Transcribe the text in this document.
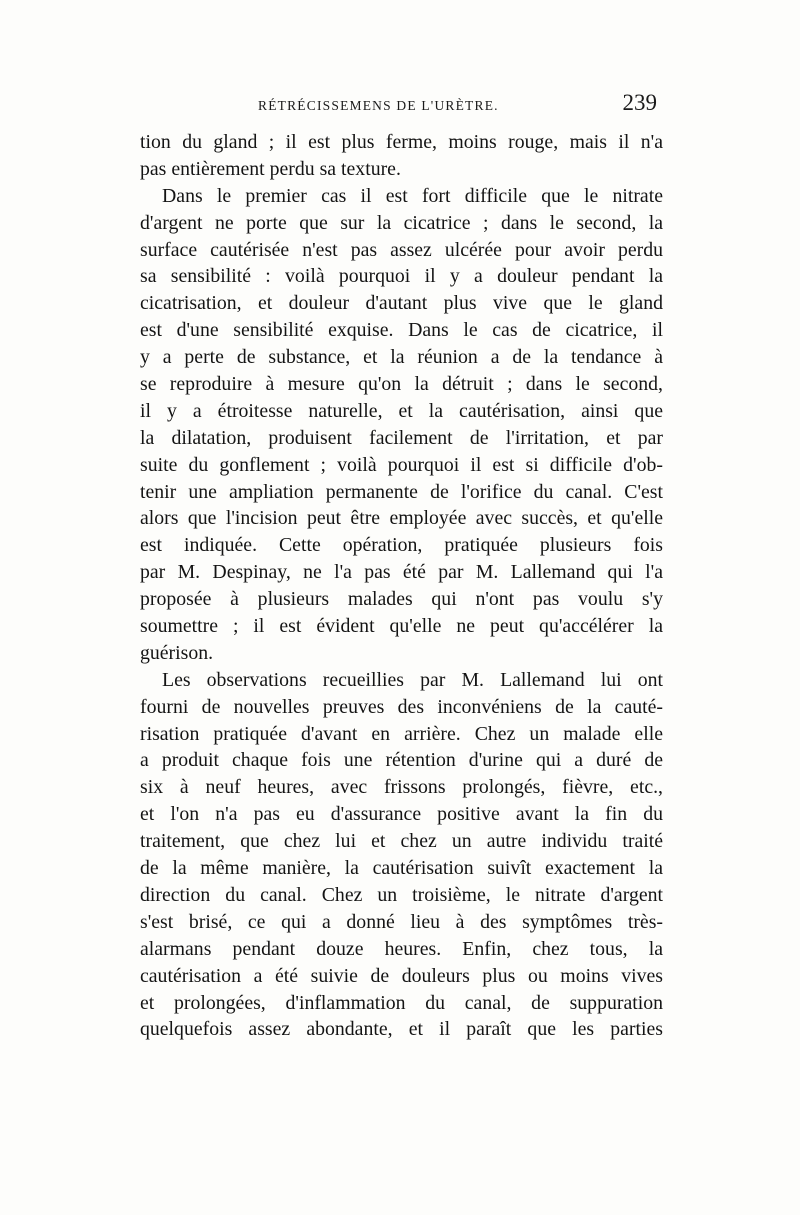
RÉTRÉCISSEMENS DE L'URÈTRE.	239
tion du gland ; il est plus ferme, moins rouge, mais il n'a
pas entièrement perdu sa texture.
Dans le premier cas il est fort difficile que le nitrate
d'argent ne porte que sur la cicatrice ; dans le second, la
surface cautérisée n'est pas assez ulcérée pour avoir perdu
sa sensibilité : voilà pourquoi il y a douleur pendant la
cicatrisation, et douleur d'autant plus vive que le gland
est d'une sensibilité exquise. Dans le cas de cicatrice, il
y a perte de substance, et la réunion a de la tendance à
se reproduire à mesure qu'on la détruit ; dans le second,
il y a étroitesse naturelle, et la cautérisation, ainsi que
la dilatation, produisent facilement de l'irritation, et par
suite du gonflement ; voilà pourquoi il est si difficile d'ob-
tenir une ampliation permanente de l'orifice du canal. C'est
alors que l'incision peut être employée avec succès, et qu'elle
est indiquée. Cette opération, pratiquée plusieurs fois
par M. Despinay, ne l'a pas été par M. Lallemand qui l'a
proposée à plusieurs malades qui n'ont pas voulu s'y
soumettre ; il est évident qu'elle ne peut qu'accélérer la
guérison.
Les observations recueillies par M. Lallemand lui ont
fourni de nouvelles preuves des inconvéniens de la cauté-
risation pratiquée d'avant en arrière. Chez un malade elle
a produit chaque fois une rétention d'urine qui a duré de
six à neuf heures, avec frissons prolongés, fièvre, etc.,
et l'on n'a pas eu d'assurance positive avant la fin du
traitement, que chez lui et chez un autre individu traité
de la même manière, la cautérisation suivît exactement la
direction du canal. Chez un troisième, le nitrate d'argent
s'est brisé, ce qui a donné lieu à des symptômes très-
alarmans pendant douze heures. Enfin, chez tous, la
cautérisation a été suivie de douleurs plus ou moins vives
et prolongées, d'inflammation du canal, de suppuration
quelquefois assez abondante, et il paraît que les parties
